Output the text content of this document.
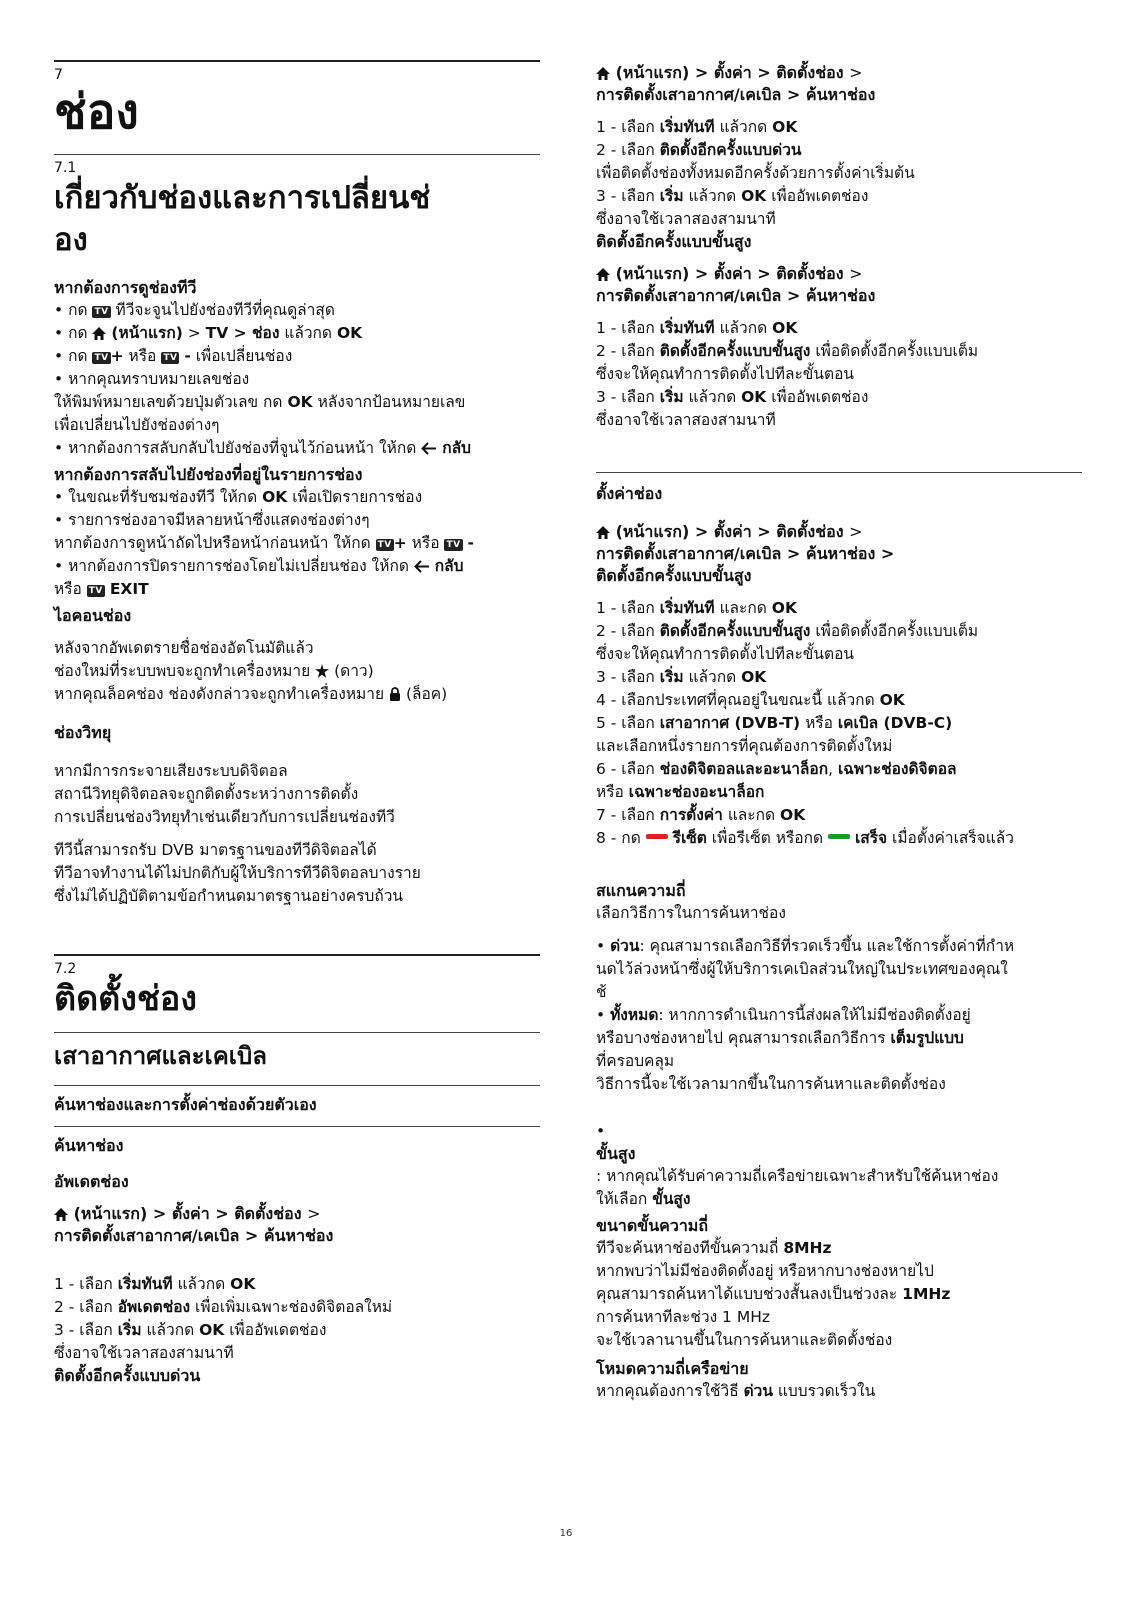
7
ช่อง
7.1
เกี่ยวกับช่องและการเปลี่ยนช่
อง
หากต้องการดูช่องทีวี
• กด TV ทีวีจะจูนไปยังช่องทีวีที่คุณดูล่าสุด
• กด (หน้าแรก) > TV > ช่อง แล้วกด OK
• กด TV + หรือ TV - เพื่อเปลี่ยนช่อง
• หากคุณทราบหมายเลขช่อง
ให้พิมพ์หมายเลขด้วยปุ่มตัวเลข กด OK หลังจากป้อนหมายเลข
เพื่อเปลี่ยนไปยังช่องต่างๆ
• หากต้องการสลับกลับไปยังช่องที่จูนไว้ก่อนหน้า ให้กด กลับ
หากต้องการสลับไปยังช่องที่อยู่ในรายการช่อง
• ในขณะที่รับชมช่องทีวี ให้กด OK เพื่อเปิดรายการช่อง
• รายการช่องอาจมีหลายหน้าซึ่งแสดงช่องต่างๆ
หากต้องการดูหน้าถัดไปหรือหน้าก่อนหน้า ให้กด TV + หรือ TV -
• หากต้องการปิดรายการช่องโดยไม่เปลี่ยนช่อง ให้กด กลับ
หรือ TV EXIT
ไอคอนช่อง
หลังจากอัพเดตรายชื่อช่องอัตโนมัติแล้ว
ช่องใหม่ที่ระบบพบจะถูกทำเครื่องหมาย (ดาว)
หากคุณล็อคช่อง ช่องดังกล่าวจะถูกทำเครื่องหมาย (ล็อค)
ช่องวิทยุ
หากมีการกระจายเสียงระบบดิจิตอล
สถานีวิทยุดิจิตอลจะถูกติดตั้งระหว่างการติดตั้ง
การเปลี่ยนช่องวิทยุทำเช่นเดียวกับการเปลี่ยนช่องทีวี
ทีวีนี้สามารถรับ DVB มาตรฐานของทีวีดิจิตอลได้
ทีวีอาจทำงานได้ไม่ปกติกับผู้ให้บริการทีวีดิจิตอลบางราย
ซึ่งไม่ได้ปฏิบัติตามข้อกำหนดมาตรฐานอย่างครบถ้วน
7.2
ติดตั้งช่อง
เสาอากาศและเคเบิล
ค้นหาช่องและการตั้งค่าช่องด้วยตัวเอง
ค้นหาช่อง
อัพเดตช่อง
(หน้าแรก) > ตั้งค่า > ติดตั้งช่อง >
การติดตั้งเสาอากาศ/เคเบิล > ค้นหาช่อง
1 - เลือก เริ่มทันที แล้วกด OK
2 - เลือก อัพเดตช่อง เพื่อเพิ่มเฉพาะช่องดิจิตอลใหม่
3 - เลือก เริ่ม แล้วกด OK เพื่ออัพเดตช่อง
ซึ่งอาจใช้เวลาสองสามนาที
ติดตั้งอีกครั้งแบบด่วน
(หน้าแรก) > ตั้งค่า > ติดตั้งช่อง >
การติดตั้งเสาอากาศ/เคเบิล > ค้นหาช่อง
1 - เลือก เริ่มทันที แล้วกด OK
2 - เลือก ติดตั้งอีกครั้งแบบด่วน
เพื่อติดตั้งช่องทั้งหมดอีกครั้งด้วยการตั้งค่าเริ่มต้น
3 - เลือก เริ่ม แล้วกด OK เพื่ออัพเดตช่อง
ซึ่งอาจใช้เวลาสองสามนาที
ติดตั้งอีกครั้งแบบขั้นสูง
(หน้าแรก) > ตั้งค่า > ติดตั้งช่อง >
การติดตั้งเสาอากาศ/เคเบิล > ค้นหาช่อง
1 - เลือก เริ่มทันที แล้วกด OK
2 - เลือก ติดตั้งอีกครั้งแบบขั้นสูง เพื่อติดตั้งอีกครั้งแบบเต็ม
ซึ่งจะให้คุณทำการติดตั้งไปทีละขั้นตอน
3 - เลือก เริ่ม แล้วกด OK เพื่ออัพเดตช่อง
ซึ่งอาจใช้เวลาสองสามนาที
ตั้งค่าช่อง
(หน้าแรก) > ตั้งค่า > ติดตั้งช่อง >
การติดตั้งเสาอากาศ/เคเบิล > ค้นหาช่อง >
ติดตั้งอีกครั้งแบบขั้นสูง
1 - เลือก เริ่มทันที และกด OK
2 - เลือก ติดตั้งอีกครั้งแบบขั้นสูง เพื่อติดตั้งอีกครั้งแบบเต็ม
ซึ่งจะให้คุณทำการติดตั้งไปทีละขั้นตอน
3 - เลือก เริ่ม แล้วกด OK
4 - เลือกประเทศที่คุณอยู่ในขณะนี้ แล้วกด OK
5 - เลือก เสาอากาศ (DVB-T) หรือ เคเบิล (DVB-C)
และเลือกหนึ่งรายการที่คุณต้องการติดตั้งใหม่
6 - เลือก ช่องดิจิตอลและอะนาล็อก, เฉพาะช่องดิจิตอล
หรือ เฉพาะช่องอะนาล็อก
7 - เลือก การตั้งค่า และกด OK
8 - กด รีเซ็ต เพื่อรีเซ็ต หรือกด เสร็จ เมื่อตั้งค่าเสร็จแล้ว
สแกนความถี่
เลือกวิธีการในการค้นหาช่อง
• ด่วน: คุณสามารถเลือกวิธีที่รวดเร็วขึ้น และใช้การตั้งค่าที่กำห
นดไว้ล่วงหน้าซึ่งผู้ให้บริการเคเบิลส่วนใหญ่ในประเทศของคุณใ
ช้
• ทั้งหมด: หากการดำเนินการนี้ส่งผลให้ไม่มีช่องติดตั้งอยู่
หรือบางช่องหายไป คุณสามารถเลือกวิธีการ เต็มรูปแบบ
ที่ครอบคลุม
วิธีการนี้จะใช้เวลามากขึ้นในการค้นหาและติดตั้งช่อง
•
ขั้นสูง
: หากคุณได้รับค่าความถี่เครือข่ายเฉพาะสำหรับใช้ค้นหาช่อง
ให้เลือก ขั้นสูง
ขนาดขั้นความถี่
ทีวีจะค้นหาช่องทีขั้นความถี่ 8MHz
หากพบว่าไม่มีช่องติดตั้งอยู่ หรือหากบางช่องหายไป
คุณสามารถค้นหาได้แบบช่วงสั้นลงเป็นช่วงละ 1MHz
การค้นหาทีละช่วง 1 MHz
จะใช้เวลานานขึ้นในการค้นหาและติดตั้งช่อง
โหมดความถี่เครือข่าย
หากคุณต้องการใช้วิธี ด่วน แบบรวดเร็วใน
16
